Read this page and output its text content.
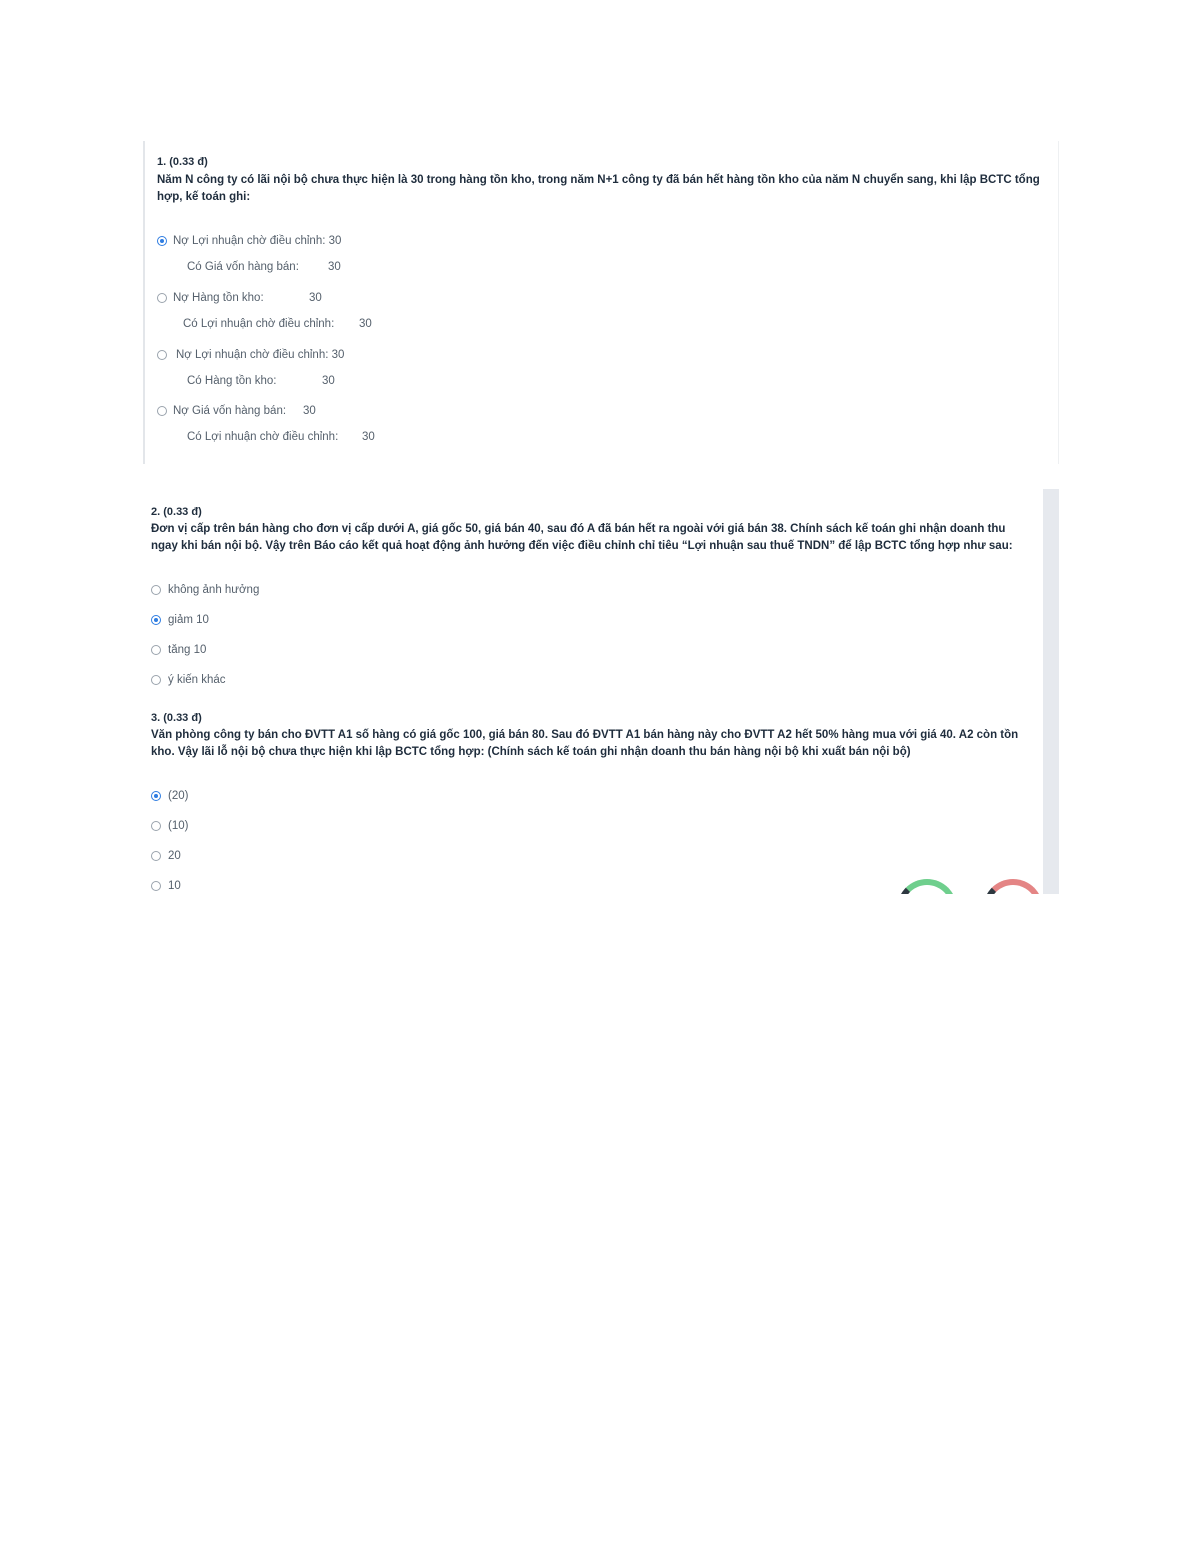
1. (0.33 đ)
Năm N công ty có lãi nội bộ chưa thực hiện là 30 trong hàng tồn kho, trong năm N+1 công ty đã bán hết hàng tồn kho của năm N chuyển sang, khi lập BCTC tổng hợp, kế toán ghi:
Nợ Lợi nhuận chờ điều chỉnh: 30
Có Giá vốn hàng bán:	30
Nợ Hàng tồn kho:	30
Có Lợi nhuận chờ điều chỉnh: 30
Nợ Lợi nhuận chờ điều chỉnh: 30
Có Hàng tồn kho:	30
Nợ Giá vốn hàng bán: 30
Có Lợi nhuận chờ điều chỉnh: 30
2. (0.33 đ)
Đơn vị cấp trên bán hàng cho đơn vị cấp dưới A, giá gốc 50, giá bán 40, sau đó A đã bán hết ra ngoài với giá bán 38. Chính sách kế toán ghi nhận doanh thu ngay khi bán nội bộ. Vậy trên Báo cáo kết quả hoạt động ảnh hưởng đến việc điều chỉnh chỉ tiêu “Lợi nhuận sau thuế TNDN” để lập BCTC tổng hợp như sau:
không ảnh hưởng
giảm 10
tăng 10
ý kiến khác
3. (0.33 đ)
Văn phòng công ty bán cho ĐVTT A1 số hàng có giá gốc 100, giá bán 80. Sau đó ĐVTT A1 bán hàng này cho ĐVTT A2 hết 50% hàng mua với giá 40. A2 còn tồn kho. Vậy lãi lỗ nội bộ chưa thực hiện khi lập BCTC tổng hợp: (Chính sách kế toán ghi nhận doanh thu bán hàng nội bộ khi xuất bán nội bộ)
(20)
(10)
20
10
